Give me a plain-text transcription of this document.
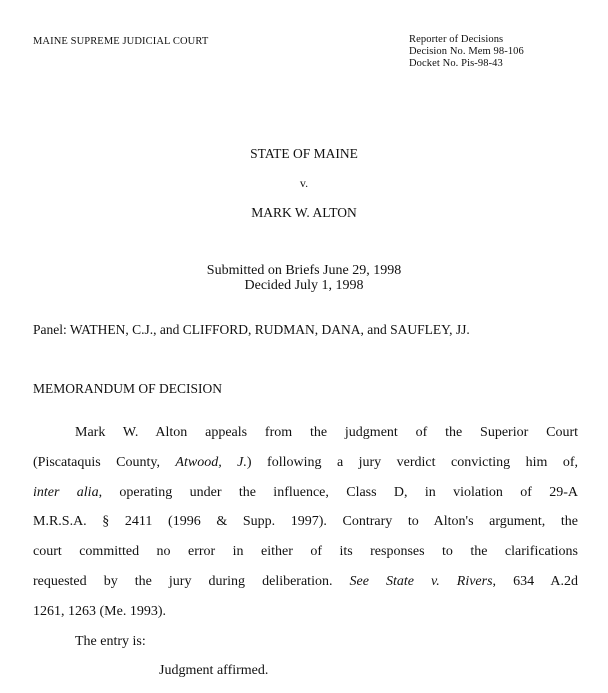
MAINE SUPREME JUDICIAL COURT	Reporter of Decisions
Decision No. Mem 98-106
Docket No. Pis-98-43
STATE OF MAINE
v.
MARK W. ALTON
Submitted on Briefs June 29, 1998
Decided July 1, 1998
Panel: WATHEN, C.J., and CLIFFORD, RUDMAN, DANA, and SAUFLEY, JJ.
MEMORANDUM OF DECISION
Mark W. Alton appeals from the judgment of the Superior Court
(Piscataquis County, Atwood, J.) following a jury verdict convicting him of,
inter alia, operating under the influence, Class D, in violation of 29-A
M.R.S.A. § 2411 (1996 & Supp. 1997). Contrary to Alton's argument, the
court committed no error in either of its responses to the clarifications
requested by the jury during deliberation. See State v. Rivers, 634 A.2d
1261, 1263 (Me. 1993).
The entry is:
Judgment affirmed.
